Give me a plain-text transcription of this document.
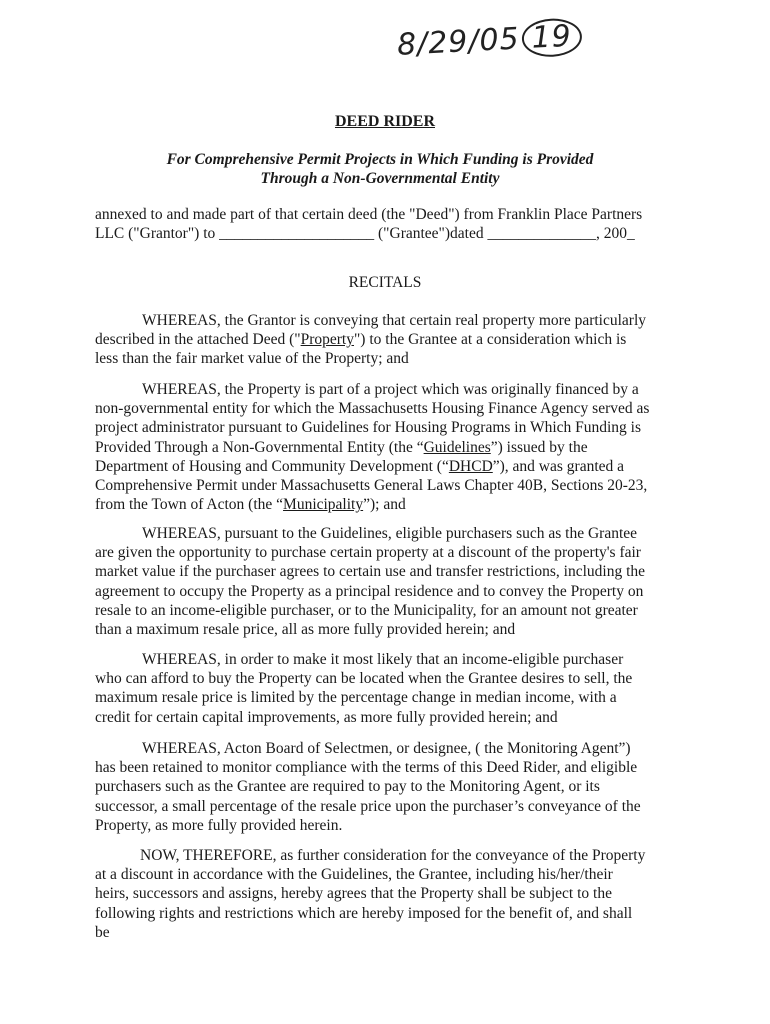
8/29/05 19
DEED RIDER
For Comprehensive Permit Projects in Which Funding is Provided
Through a Non-Governmental Entity

annexed to and made part of that certain deed (the "Deed") from Franklin Place Partners LLC ("Grantor") to ____________________ ("Grantee")dated ______________, 200_

RECITALS

WHEREAS, the Grantor is conveying that certain real property more particularly described in the attached Deed ("Property") to the Grantee at a consideration which is less than the fair market value of the Property; and

WHEREAS, the Property is part of a project which was originally financed by a non-governmental entity for which the Massachusetts Housing Finance Agency served as project administrator pursuant to Guidelines for Housing Programs in Which Funding is Provided Through a Non-Governmental Entity (the “Guidelines”) issued by the Department of Housing and Community Development (“DHCD”), and was granted a Comprehensive Permit under Massachusetts General Laws Chapter 40B, Sections 20-23, from the Town of Acton (the “Municipality”); and

WHEREAS, pursuant to the Guidelines, eligible purchasers such as the Grantee are given the opportunity to purchase certain property at a discount of the property's fair market value if the purchaser agrees to certain use and transfer restrictions, including the agreement to occupy the Property as a principal residence and to convey the Property on resale to an income-eligible purchaser, or to the Municipality, for an amount not greater than a maximum resale price, all as more fully provided herein; and

WHEREAS, in order to make it most likely that an income-eligible purchaser who can afford to buy the Property can be located when the Grantee desires to sell, the maximum resale price is limited by the percentage change in median income, with a credit for certain capital improvements, as more fully provided herein; and

WHEREAS, Acton Board of Selectmen, or designee, ( the Monitoring Agent”) has been retained to monitor compliance with the terms of this Deed Rider, and eligible purchasers such as the Grantee are required to pay to the Monitoring Agent, or its successor, a small percentage of the resale price upon the purchaser’s conveyance of the Property, as more fully provided herein.

NOW, THEREFORE, as further consideration for the conveyance of the Property at a discount in accordance with the Guidelines, the Grantee, including his/her/their heirs, successors and assigns, hereby agrees that the Property shall be subject to the following rights and restrictions which are hereby imposed for the benefit of, and shall be
